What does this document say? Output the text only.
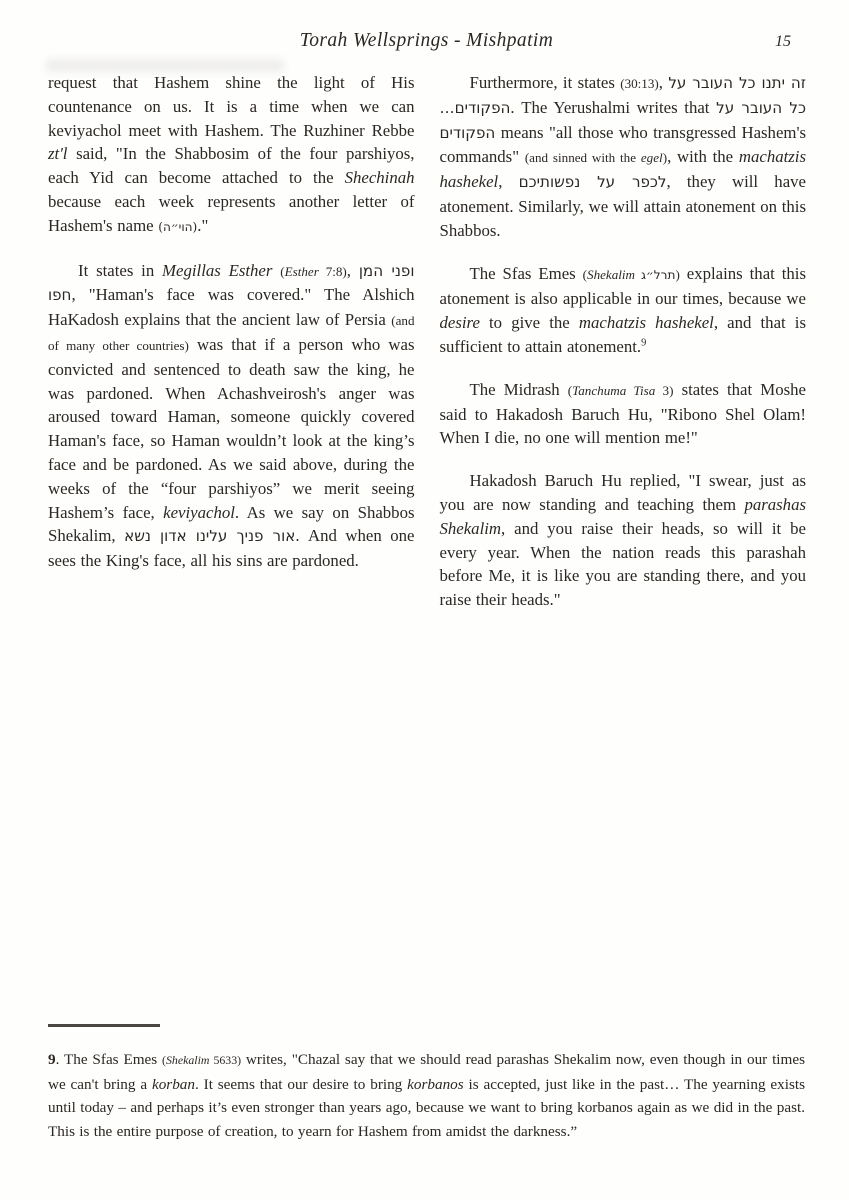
Torah Wellsprings - Mishpatim	15

request that Hashem shine the light of His countenance on us. It is a time when we can keviyachol meet with Hashem. The Ruzhiner Rebbe zt'l said, "In the Shabbosim of the four parshiyos, each Yid can become attached to the Shechinah because each week represents another letter of Hashem's name (הוי״ה)."

It states in Megillas Esther (Esther 7:8), ופני המן חפו, "Haman's face was covered." The Alshich HaKadosh explains that the ancient law of Persia (and of many other countries) was that if a person who was convicted and sentenced to death saw the king, he was pardoned. When Achashveirosh's anger was aroused toward Haman, someone quickly covered Haman's face, so Haman wouldn’t look at the king’s face and be pardoned. As we said above, during the weeks of the “four parshiyos” we merit seeing Hashem’s face, keviyachol. As we say on Shabbos Shekalim, אור פניך עלינו אדון נשא. And when one sees the King's face, all his sins are pardoned.

Furthermore, it states (30:13), זה יתנו כל העובר על הפקודים…. The Yerushalmi writes that כל העובר על הפקודים means "all those who transgressed Hashem's commands" (and sinned with the egel), with the machatzis hashekel, לכפר על נפשותיכם, they will have atonement. Similarly, we will attain atonement on this Shabbos.

The Sfas Emes (Shekalim תרל״ג) explains that this atonement is also applicable in our times, because we desire to give the machatzis hashekel, and that is sufficient to attain atonement.$^9$

The Midrash (Tanchuma Tisa 3) states that Moshe said to Hakadosh Baruch Hu, "Ribono Shel Olam! When I die, no one will mention me!"

Hakadosh Baruch Hu replied, "I swear, just as you are now standing and teaching them parashas Shekalim, and you raise their heads, so will it be every year. When the nation reads this parashah before Me, it is like you are standing there, and you raise their heads."

9. The Sfas Emes (Shekalim 5633) writes, "Chazal say that we should read parashas Shekalim now, even though in our times we can't bring a korban. It seems that our desire to bring korbanos is accepted, just like in the past… The yearning exists until today – and perhaps it’s even stronger than years ago, because we want to bring korbanos again as we did in the past. This is the entire purpose of creation, to yearn for Hashem from amidst the darkness.”
